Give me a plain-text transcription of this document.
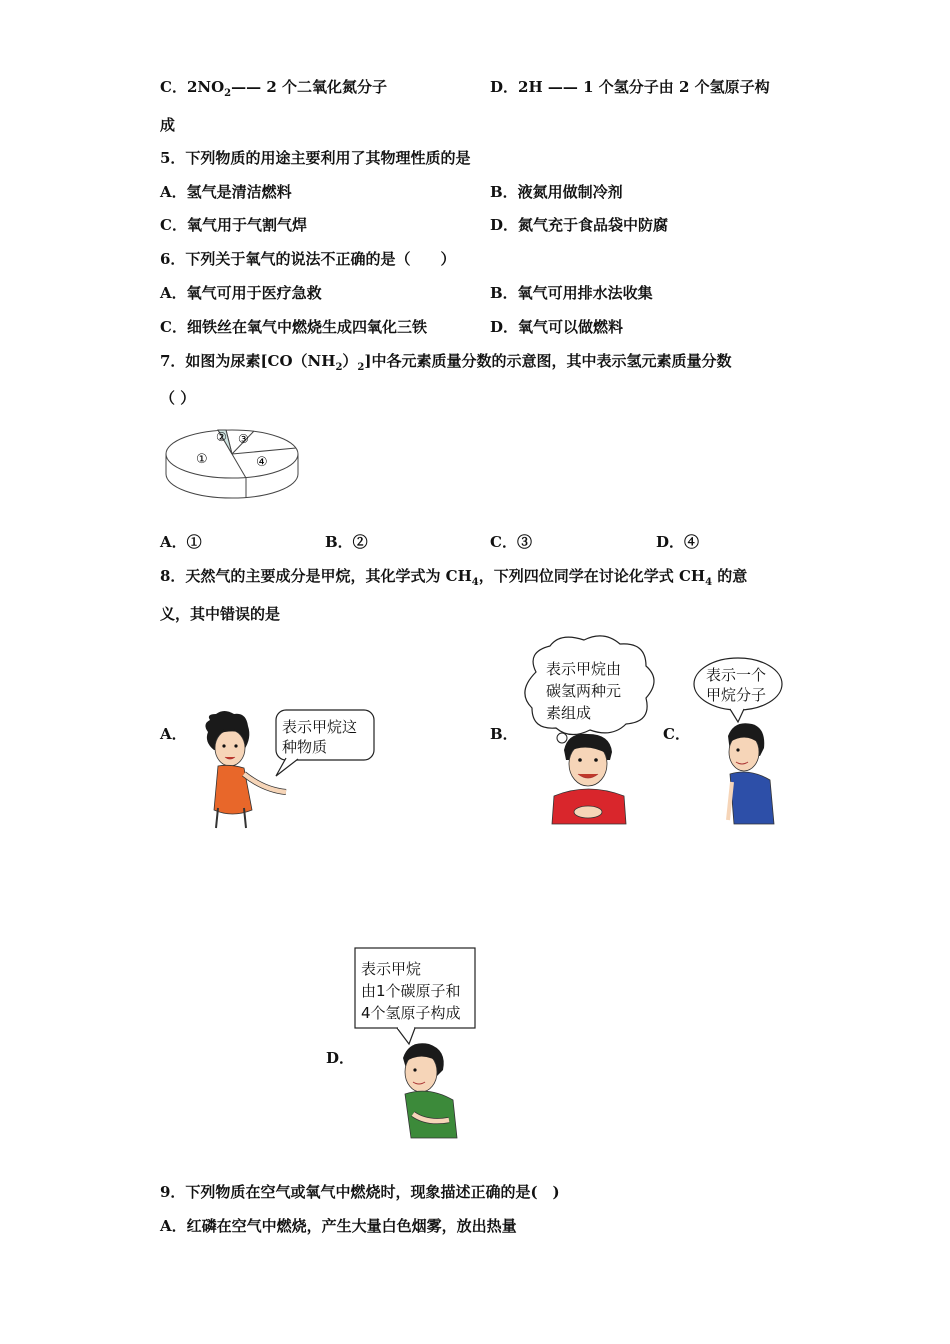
C．$2NO_2——$ 2 个二氧化氮分子	D．2H —— 1 个氢分子由 2 个氢原子构
成
5．下列物质的用途主要利用了其物理性质的是
A．氢气是清洁燃料	B．液氮用做制冷剂
C．氧气用于气割气焊	D．氮气充于食品袋中防腐
6．下列关于氧气的说法不正确的是（　　）
A．氧气可用于医疗急救	B．氧气可用排水法收集
C．细铁丝在氧气中燃烧生成四氧化三铁	D．氧气可以做燃料
7．如图为尿素$[CO(NH_2)_2]$中各元素质量分数的示意图，其中表示氢元素质量分数
（ ）
①
② ③
④
A．①	B．②	C．③	D．④
8．天然气的主要成分是甲烷，其化学式为 $CH_4$，下列四位同学在讨论化学式 $CH_4$ 的意
义，其中错误的是
A．	表示甲烷这
种物质
B．
表示甲烷由
碳氢两种元
素组成
C．
表示一个
甲烷分子
D．
表示甲烷
由1个碳原子和
4个氢原子构成
9．下列物质在空气或氧气中燃烧时，现象描述正确的是(　)
A．红磷在空气中燃烧，产生大量白色烟雾，放出热量
